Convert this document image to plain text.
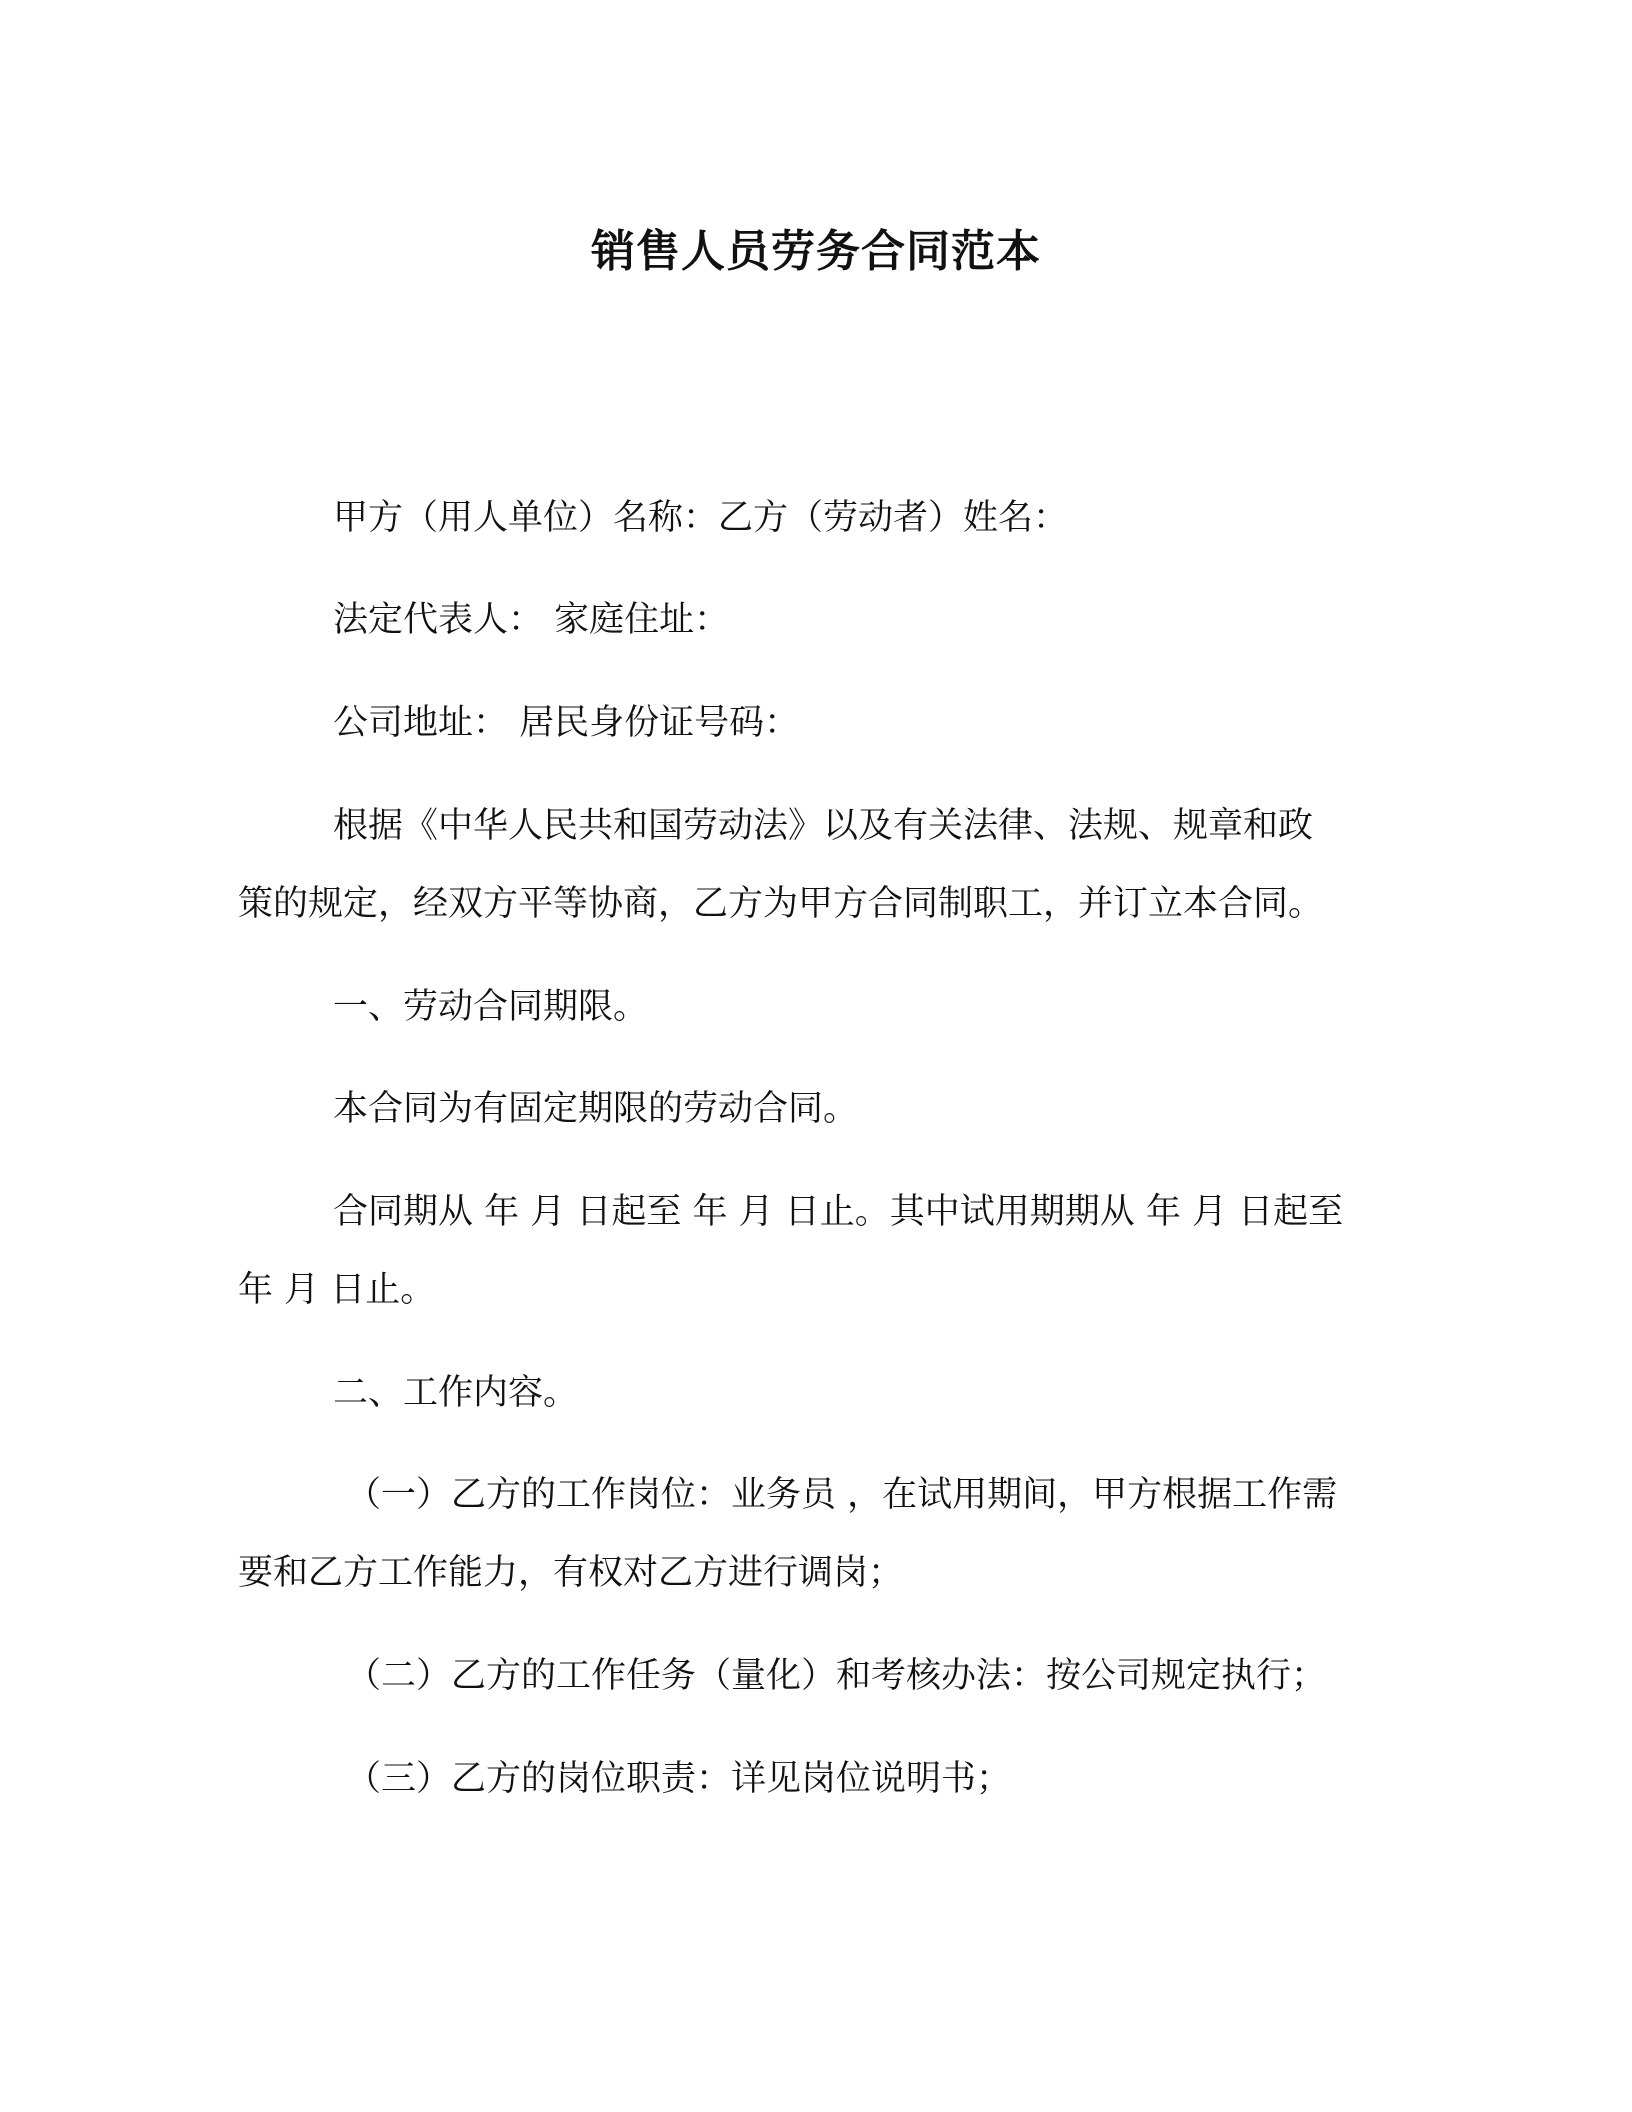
销售人员劳务合同范本

甲方（用人单位）名称：乙方（劳动者）姓名：

法定代表人： 家庭住址：

公司地址： 居民身份证号码：

根据《中华人民共和国劳动法》以及有关法律、法规、规章和政

策的规定，经双方平等协商，乙方为甲方合同制职工，并订立本合同。

一、劳动合同期限。

本合同为有固定期限的劳动合同。

合同期从 年 月 日起至 年 月 日止。其中试用期期从 年 月 日起至

年 月 日止。

二、工作内容。

（一）乙方的工作岗位：业务员 ，在试用期间，甲方根据工作需

要和乙方工作能力，有权对乙方进行调岗；

（二）乙方的工作任务（量化）和考核办法：按公司规定执行；

（三）乙方的岗位职责：详见岗位说明书；
